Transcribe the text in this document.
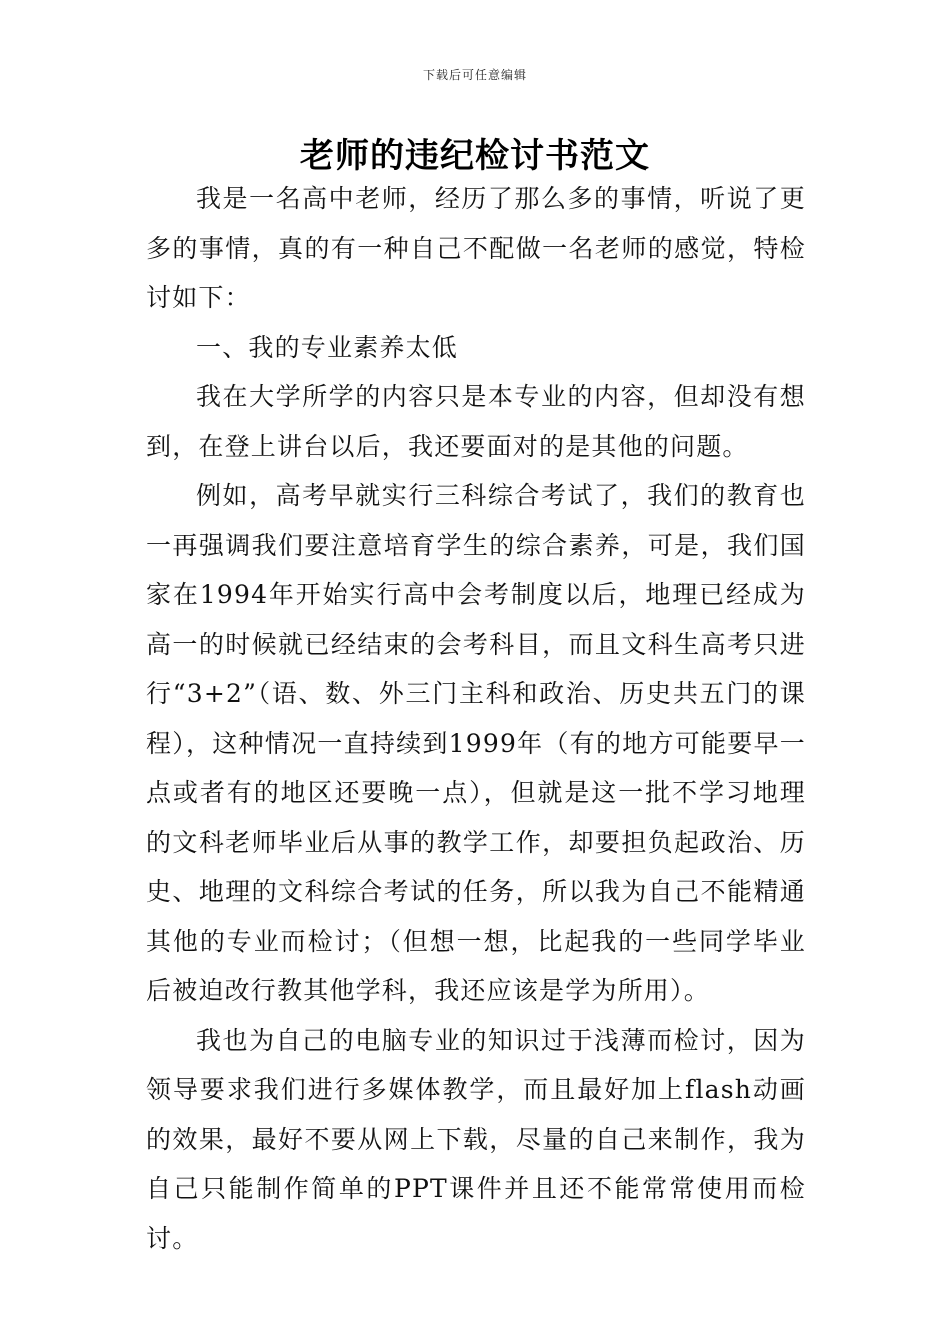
下载后可任意编辑
老师的违纪检讨书范文

我是一名高中老师，经历了那么多的事情，听说了更多的事情，真的有一种自己不配做一名老师的感觉，特检讨如下：

一、我的专业素养太低

我在大学所学的内容只是本专业的内容，但却没有想到，在登上讲台以后，我还要面对的是其他的问题。

例如，高考早就实行三科综合考试了，我们的教育也一再强调我们要注意培育学生的综合素养，可是，我们国家在1994年开始实行高中会考制度以后，地理已经成为高一的时候就已经结束的会考科目，而且文科生高考只进行“3+2”（语、数、外三门主科和政治、历史共五门的课程），这种情况一直持续到1999年（有的地方可能要早一点或者有的地区还要晚一点），但就是这一批不学习地理的文科老师毕业后从事的教学工作，却要担负起政治、历史、地理的文科综合考试的任务，所以我为自己不能精通其他的专业而检讨；（但想一想，比起我的一些同学毕业后被迫改行教其他学科，我还应该是学为所用）。

我也为自己的电脑专业的知识过于浅薄而检讨，因为领导要求我们进行多媒体教学，而且最好加上flash动画的效果，最好不要从网上下载，尽量的自己来制作，我为自己只能制作简单的PPT课件并且还不能常常使用而检讨。
